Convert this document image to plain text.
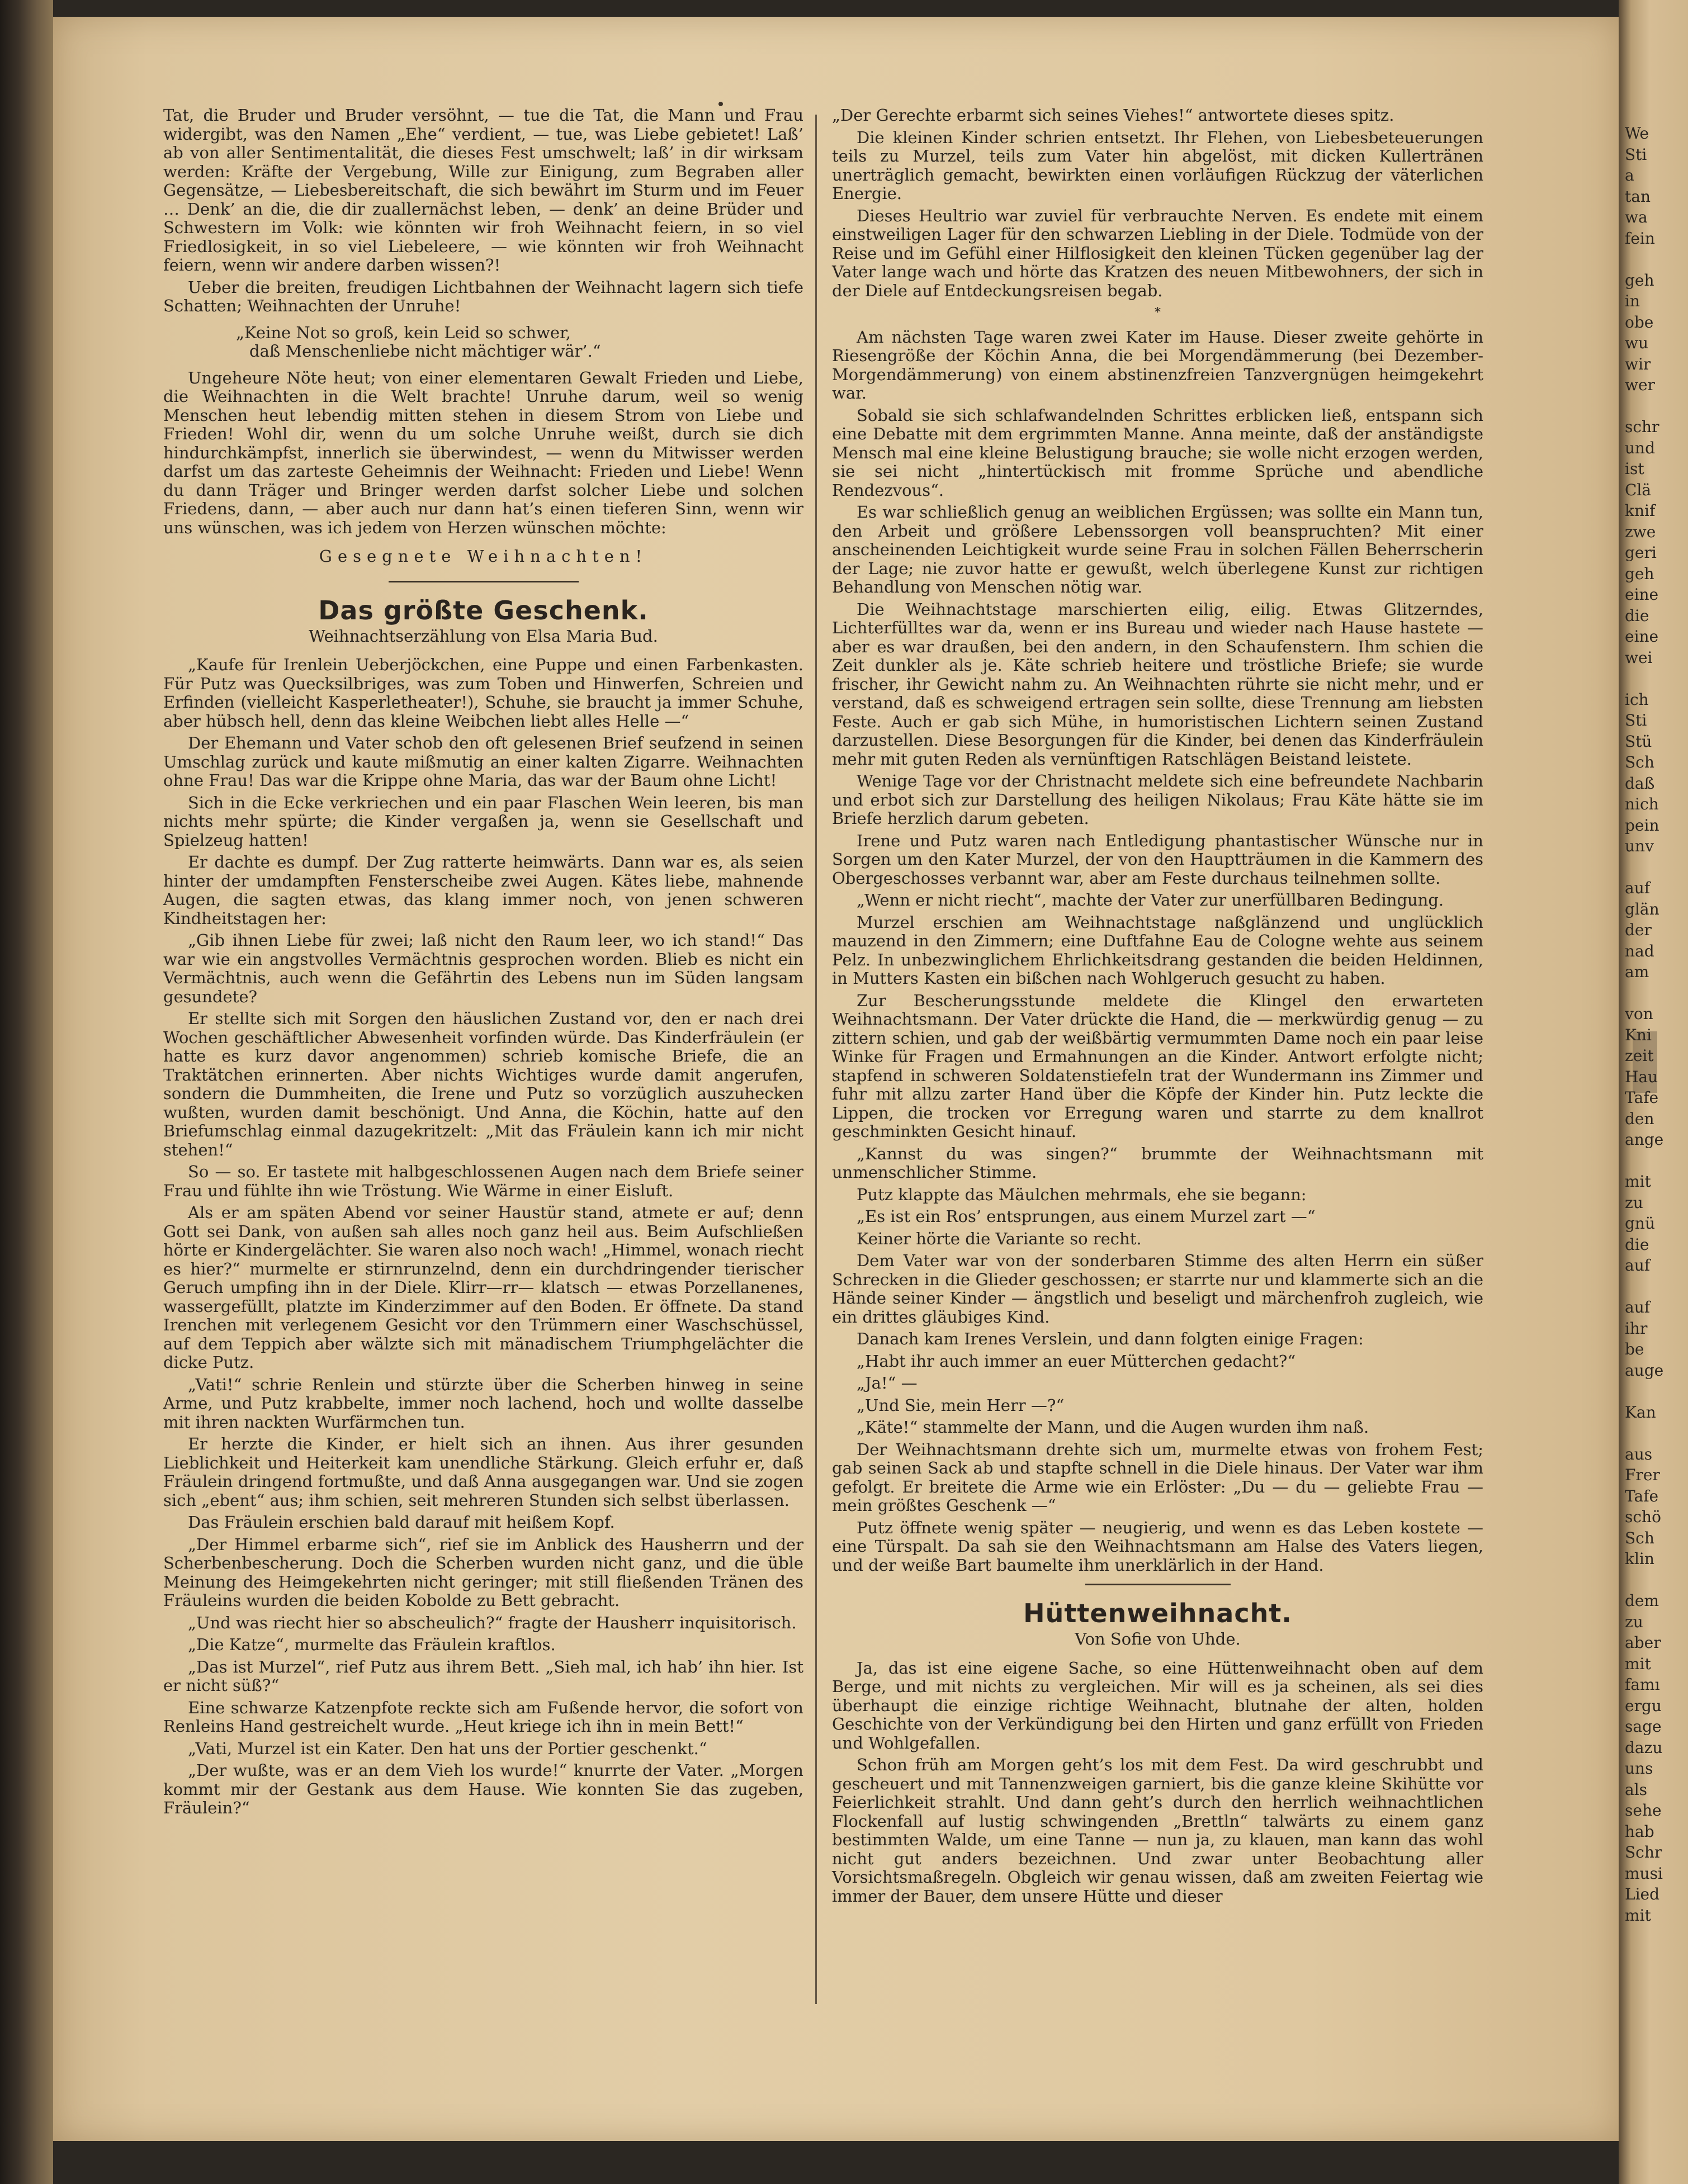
Tat, die Bruder und Bruder versöhnt, — tue die Tat, die Mann und Frau widergibt, was den Namen „Ehe“ verdient, — tue, was Liebe gebietet! Laß’ ab von aller Sentimentalität, die dieses Fest umschwelt; laß’ in dir wirksam werden: Kräfte der Vergebung, Wille zur Einigung, zum Begraben aller Gegensätze, — Liebesbereitschaft, die sich bewährt im Sturm und im Feuer … Denk’ an die, die dir zuallernächst leben, — denk’ an deine Brüder und Schwestern im Volk: wie könnten wir froh Weihnacht feiern, in so viel Friedlosigkeit, in so viel Liebeleere, — wie könnten wir froh Weihnacht feiern, wenn wir andere darben wissen?!

Ueber die breiten, freudigen Lichtbahnen der Weihnacht lagern sich tiefe Schatten; Weihnachten der Unruhe!

„Keine Not so groß, kein Leid so schwer,
daß Menschenliebe nicht mächtiger wär’.“

Ungeheure Nöte heut; von einer elementaren Gewalt Frieden und Liebe, die Weihnachten in die Welt brachte! Unruhe darum, weil so wenig Menschen heut lebendig mitten stehen in diesem Strom von Liebe und Frieden! Wohl dir, wenn du um solche Unruhe weißt, durch sie dich hindurchkämpfst, innerlich sie überwindest, — wenn du Mitwisser werden darfst um das zarteste Geheimnis der Weihnacht: Frieden und Liebe! Wenn du dann Träger und Bringer werden darfst solcher Liebe und solchen Friedens, dann, — aber auch nur dann hat’s einen tieferen Sinn, wenn wir uns wünschen, was ich jedem von Herzen wünschen möchte:

Gesegnete Weihnachten!
Das größte Geschenk.
Weihnachtserzählung von Elsa Maria Bud.

„Kaufe für Irenlein Ueberjöckchen, eine Puppe und einen Farbenkasten. Für Putz was Quecksilbriges, was zum Toben und Hinwerfen, Schreien und Erfinden (vielleicht Kasperletheater!), Schuhe, sie braucht ja immer Schuhe, aber hübsch hell, denn das kleine Weibchen liebt alles Helle —“

Der Ehemann und Vater schob den oft gelesenen Brief seufzend in seinen Umschlag zurück und kaute mißmutig an einer kalten Zigarre. Weihnachten ohne Frau! Das war die Krippe ohne Maria, das war der Baum ohne Licht!

Sich in die Ecke verkriechen und ein paar Flaschen Wein leeren, bis man nichts mehr spürte; die Kinder vergaßen ja, wenn sie Gesellschaft und Spielzeug hatten!

Er dachte es dumpf. Der Zug ratterte heimwärts. Dann war es, als seien hinter der umdampften Fensterscheibe zwei Augen. Kätes liebe, mahnende Augen, die sagten etwas, das klang immer noch, von jenen schweren Kindheitstagen her:

„Gib ihnen Liebe für zwei; laß nicht den Raum leer, wo ich stand!“ Das war wie ein angstvolles Vermächtnis gesprochen worden. Blieb es nicht ein Vermächtnis, auch wenn die Gefährtin des Lebens nun im Süden langsam gesundete?

Er stellte sich mit Sorgen den häuslichen Zustand vor, den er nach drei Wochen geschäftlicher Abwesenheit vorfinden würde. Das Kinderfräulein (er hatte es kurz davor angenommen) schrieb komische Briefe, die an Traktätchen erinnerten. Aber nichts Wichtiges wurde damit angerufen, sondern die Dummheiten, die Irene und Putz so vorzüglich auszuhecken wußten, wurden damit beschönigt. Und Anna, die Köchin, hatte auf den Briefumschlag einmal dazugekritzelt: „Mit das Fräulein kann ich mir nicht stehen!“

So — so. Er tastete mit halbgeschlossenen Augen nach dem Briefe seiner Frau und fühlte ihn wie Tröstung. Wie Wärme in einer Eisluft.

Als er am späten Abend vor seiner Haustür stand, atmete er auf; denn Gott sei Dank, von außen sah alles noch ganz heil aus. Beim Aufschließen hörte er Kindergelächter. Sie waren also noch wach! „Himmel, wonach riecht es hier?“ murmelte er stirnrunzelnd, denn ein durchdringender tierischer Geruch umpfing ihn in der Diele. Klirr—rr— klatsch — etwas Porzellanenes, wassergefüllt, platzte im Kinderzimmer auf den Boden. Er öffnete. Da stand Irenchen mit verlegenem Gesicht vor den Trümmern einer Waschschüssel, auf dem Teppich aber wälzte sich mit mänadischem Triumphgelächter die dicke Putz.

„Vati!“ schrie Renlein und stürzte über die Scherben hinweg in seine Arme, und Putz krabbelte, immer noch lachend, hoch und wollte dasselbe mit ihren nackten Wurfärmchen tun.

Er herzte die Kinder, er hielt sich an ihnen. Aus ihrer gesunden Lieblichkeit und Heiterkeit kam unendliche Stärkung. Gleich erfuhr er, daß Fräulein dringend fortmußte, und daß Anna ausgegangen war. Und sie zogen sich „ebent“ aus; ihm schien, seit mehreren Stunden sich selbst überlassen.

Das Fräulein erschien bald darauf mit heißem Kopf.

„Der Himmel erbarme sich“, rief sie im Anblick des Hausherrn und der Scherbenbescherung. Doch die Scherben wurden nicht ganz, und die üble Meinung des Heimgekehrten nicht geringer; mit still fließenden Tränen des Fräuleins wurden die beiden Kobolde zu Bett gebracht.

„Und was riecht hier so abscheulich?“ fragte der Hausherr inquisitorisch.

„Die Katze“, murmelte das Fräulein kraftlos.

„Das ist Murzel“, rief Putz aus ihrem Bett. „Sieh mal, ich hab’ ihn hier. Ist er nicht süß?“

Eine schwarze Katzenpfote reckte sich am Fußende hervor, die sofort von Renleins Hand gestreichelt wurde. „Heut kriege ich ihn in mein Bett!“

„Vati, Murzel ist ein Kater. Den hat uns der Portier geschenkt.“

„Der wußte, was er an dem Vieh los wurde!“ knurrte der Vater. „Morgen kommt mir der Gestank aus dem Hause. Wie konnten Sie das zugeben, Fräulein?“

„Der Gerechte erbarmt sich seines Viehes!“ antwortete dieses spitz.

Die kleinen Kinder schrien entsetzt. Ihr Flehen, von Liebesbeteuerungen teils zu Murzel, teils zum Vater hin abgelöst, mit dicken Kullertränen unerträglich gemacht, bewirkten einen vorläufigen Rückzug der väterlichen Energie.

Dieses Heultrio war zuviel für verbrauchte Nerven. Es endete mit einem einstweiligen Lager für den schwarzen Liebling in der Diele. Todmüde von der Reise und im Gefühl einer Hilflosigkeit den kleinen Tücken gegenüber lag der Vater lange wach und hörte das Kratzen des neuen Mitbewohners, der sich in der Diele auf Entdeckungsreisen begab.

*

Am nächsten Tage waren zwei Kater im Hause. Dieser zweite gehörte in Riesengröße der Köchin Anna, die bei Morgendämmerung (bei Dezember-Morgendämmerung) von einem abstinenzfreien Tanzvergnügen heimgekehrt war.

Sobald sie sich schlafwandelnden Schrittes erblicken ließ, entspann sich eine Debatte mit dem ergrimmten Manne. Anna meinte, daß der anständigste Mensch mal eine kleine Belustigung brauche; sie wolle nicht erzogen werden, sie sei nicht „hintertückisch mit fromme Sprüche und abendliche Rendezvous“.

Es war schließlich genug an weiblichen Ergüssen; was sollte ein Mann tun, den Arbeit und größere Lebenssorgen voll beanspruchten? Mit einer anscheinenden Leichtigkeit wurde seine Frau in solchen Fällen Beherrscherin der Lage; nie zuvor hatte er gewußt, welch überlegene Kunst zur richtigen Behandlung von Menschen nötig war.

Die Weihnachtstage marschierten eilig, eilig. Etwas Glitzerndes, Lichterfülltes war da, wenn er ins Bureau und wieder nach Hause hastete — aber es war draußen, bei den andern, in den Schaufenstern. Ihm schien die Zeit dunkler als je. Käte schrieb heitere und tröstliche Briefe; sie wurde frischer, ihr Gewicht nahm zu. An Weihnachten rührte sie nicht mehr, und er verstand, daß es schweigend ertragen sein sollte, diese Trennung am liebsten Feste. Auch er gab sich Mühe, in humoristischen Lichtern seinen Zustand darzustellen. Diese Besorgungen für die Kinder, bei denen das Kinderfräulein mehr mit guten Reden als vernünftigen Ratschlägen Beistand leistete.

Wenige Tage vor der Christnacht meldete sich eine befreundete Nachbarin und erbot sich zur Darstellung des heiligen Nikolaus; Frau Käte hätte sie im Briefe herzlich darum gebeten.

Irene und Putz waren nach Entledigung phantastischer Wünsche nur in Sorgen um den Kater Murzel, der von den Hauptträumen in die Kammern des Obergeschosses verbannt war, aber am Feste durchaus teilnehmen sollte.

„Wenn er nicht riecht“, machte der Vater zur unerfüllbaren Bedingung.

Murzel erschien am Weihnachtstage naßglänzend und unglücklich mauzend in den Zimmern; eine Duftfahne Eau de Cologne wehte aus seinem Pelz. In unbezwinglichem Ehrlichkeitsdrang gestanden die beiden Heldinnen, in Mutters Kasten ein bißchen nach Wohlgeruch gesucht zu haben.

Zur Bescherungsstunde meldete die Klingel den erwarteten Weihnachtsmann. Der Vater drückte die Hand, die — merkwürdig genug — zu zittern schien, und gab der weißbärtig vermummten Dame noch ein paar leise Winke für Fragen und Ermahnungen an die Kinder. Antwort erfolgte nicht; stapfend in schweren Soldatenstiefeln trat der Wundermann ins Zimmer und fuhr mit allzu zarter Hand über die Köpfe der Kinder hin. Putz leckte die Lippen, die trocken vor Erregung waren und starrte zu dem knallrot geschminkten Gesicht hinauf.

„Kannst du was singen?“ brummte der Weihnachtsmann mit unmenschlicher Stimme.

Putz klappte das Mäulchen mehrmals, ehe sie begann:

„Es ist ein Ros’ entsprungen, aus einem Murzel zart —“

Keiner hörte die Variante so recht.

Dem Vater war von der sonderbaren Stimme des alten Herrn ein süßer Schrecken in die Glieder geschossen; er starrte nur und klammerte sich an die Hände seiner Kinder — ängstlich und beseligt und märchenfroh zugleich, wie ein drittes gläubiges Kind.

Danach kam Irenes Verslein, und dann folgten einige Fragen:

„Habt ihr auch immer an euer Mütterchen gedacht?“

„Ja!“ —

„Und Sie, mein Herr —?“

„Käte!“ stammelte der Mann, und die Augen wurden ihm naß.

Der Weihnachtsmann drehte sich um, murmelte etwas von frohem Fest; gab seinen Sack ab und stapfte schnell in die Diele hinaus. Der Vater war ihm gefolgt. Er breitete die Arme wie ein Erlöster: „Du — du — geliebte Frau — mein größtes Geschenk —“

Putz öffnete wenig später — neugierig, und wenn es das Leben kostete — eine Türspalt. Da sah sie den Weihnachtsmann am Halse des Vaters liegen, und der weiße Bart baumelte ihm unerklärlich in der Hand.

Hüttenweihnacht.
Von Sofie von Uhde.

Ja, das ist eine eigene Sache, so eine Hüttenweihnacht oben auf dem Berge, und mit nichts zu vergleichen. Mir will es ja scheinen, als sei dies überhaupt die einzige richtige Weihnacht, blutnahe der alten, holden Geschichte von der Verkündigung bei den Hirten und ganz erfüllt von Frieden und Wohlgefallen.

Schon früh am Morgen geht’s los mit dem Fest. Da wird geschrubbt und gescheuert und mit Tannenzweigen garniert, bis die ganze kleine Skihütte vor Feierlichkeit strahlt. Und dann geht’s durch den herrlich weihnachtlichen Flockenfall auf lustig schwingenden „Brettln“ talwärts zu einem ganz bestimmten Walde, um eine Tanne — nun ja, zu klauen, man kann das wohl nicht gut anders bezeichnen. Und zwar unter Beobachtung aller Vorsichtsmaßregeln. Obgleich wir genau wissen, daß am zweiten Feiertag wie immer der Bauer, dem unsere Hütte und dieser

We
Sti
a
tan
wa
fein
geh
in
obe
wu
wir
wer
schr
und
ist
Clä
knif
zwe
geri
geh
eine
die
eine
wei
ich
Sti
Stü
Sch
daß
nich
pein
unv
auf
glän
der
nad
am
von
Kni
zeit
Hau
Tafe
den
ange
mit
zu
gnü
die
auf
auf
ihr
be
auge
Kan
aus
Frer
Tafe
schö
Sch
klin
dem
zu
aber
mit
famı
ergu
sage
dazu
uns
als
sehe
hab
Schr
musi
Lied
mit
